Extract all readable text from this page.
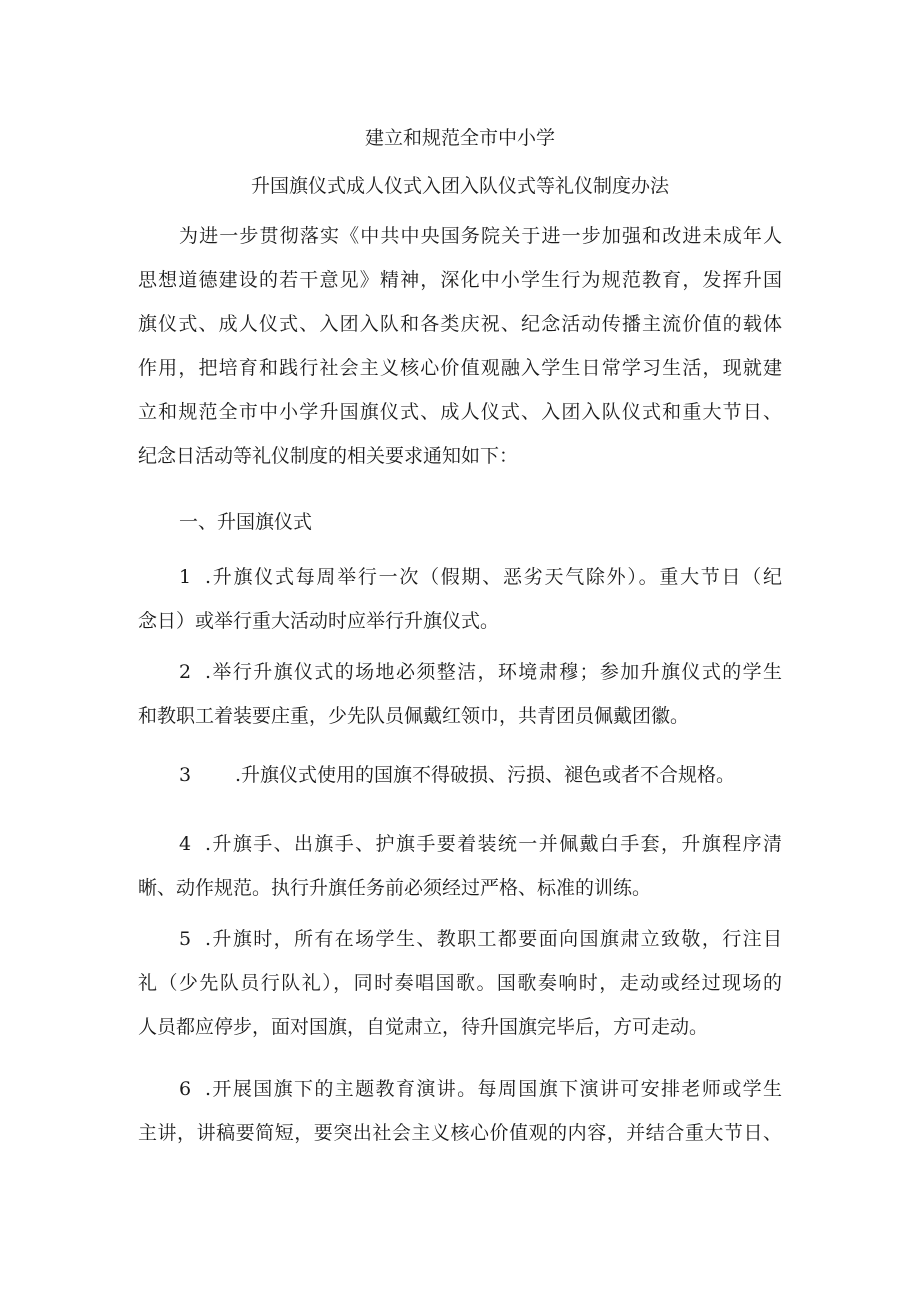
建立和规范全市中小学
升国旗仪式成人仪式入团入队仪式等礼仪制度办法
为进一步贯彻落实《中共中央国务院关于进一步加强和改进未成年人
思想道德建设的若干意见》精神，深化中小学生行为规范教育，发挥升国
旗仪式、成人仪式、入团入队和各类庆祝、纪念活动传播主流价值的载体
作用，把培育和践行社会主义核心价值观融入学生日常学习生活，现就建
立和规范全市中小学升国旗仪式、成人仪式、入团入队仪式和重大节日、
纪念日活动等礼仪制度的相关要求通知如下：
一、升国旗仪式
1 .升旗仪式每周举行一次（假期、恶劣天气除外）。重大节日（纪
念日）或举行重大活动时应举行升旗仪式。
2 .举行升旗仪式的场地必须整洁，环境肃穆；参加升旗仪式的学生
和教职工着装要庄重，少先队员佩戴红领巾，共青团员佩戴团徽。
3 .升旗仪式使用的国旗不得破损、污损、褪色或者不合规格。
4 .升旗手、出旗手、护旗手要着装统一并佩戴白手套，升旗程序清
晰、动作规范。执行升旗任务前必须经过严格、标准的训练。
5 .升旗时，所有在场学生、教职工都要面向国旗肃立致敬，行注目
礼（少先队员行队礼），同时奏唱国歌。国歌奏响时，走动或经过现场的
人员都应停步，面对国旗，自觉肃立，待升国旗完毕后，方可走动。
6 .开展国旗下的主题教育演讲。每周国旗下演讲可安排老师或学生
主讲，讲稿要简短，要突出社会主义核心价值观的内容，并结合重大节日、
